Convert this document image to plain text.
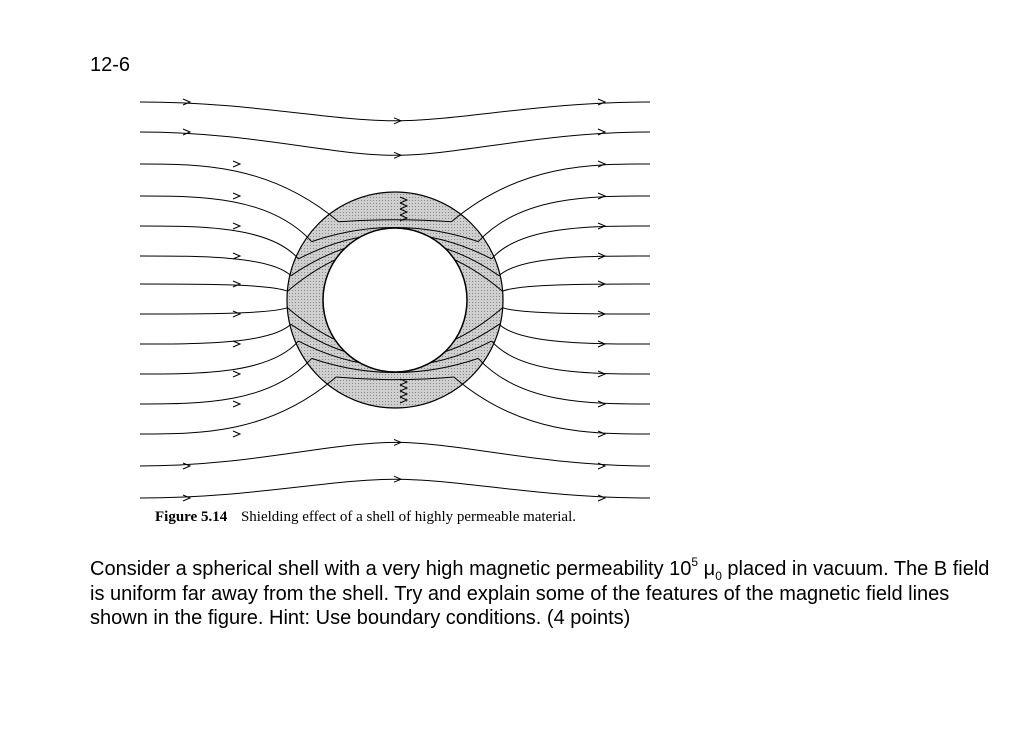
12-6
Figure 5.14 Shielding effect of a shell of highly permeable material.
Consider a spherical shell with a very high magnetic permeability $10^5$ $\mu_0$ placed in vacuum. The B field is uniform far away from the shell. Try and explain some of the features of the magnetic field lines shown in the figure. Hint: Use boundary conditions. (4 points)
